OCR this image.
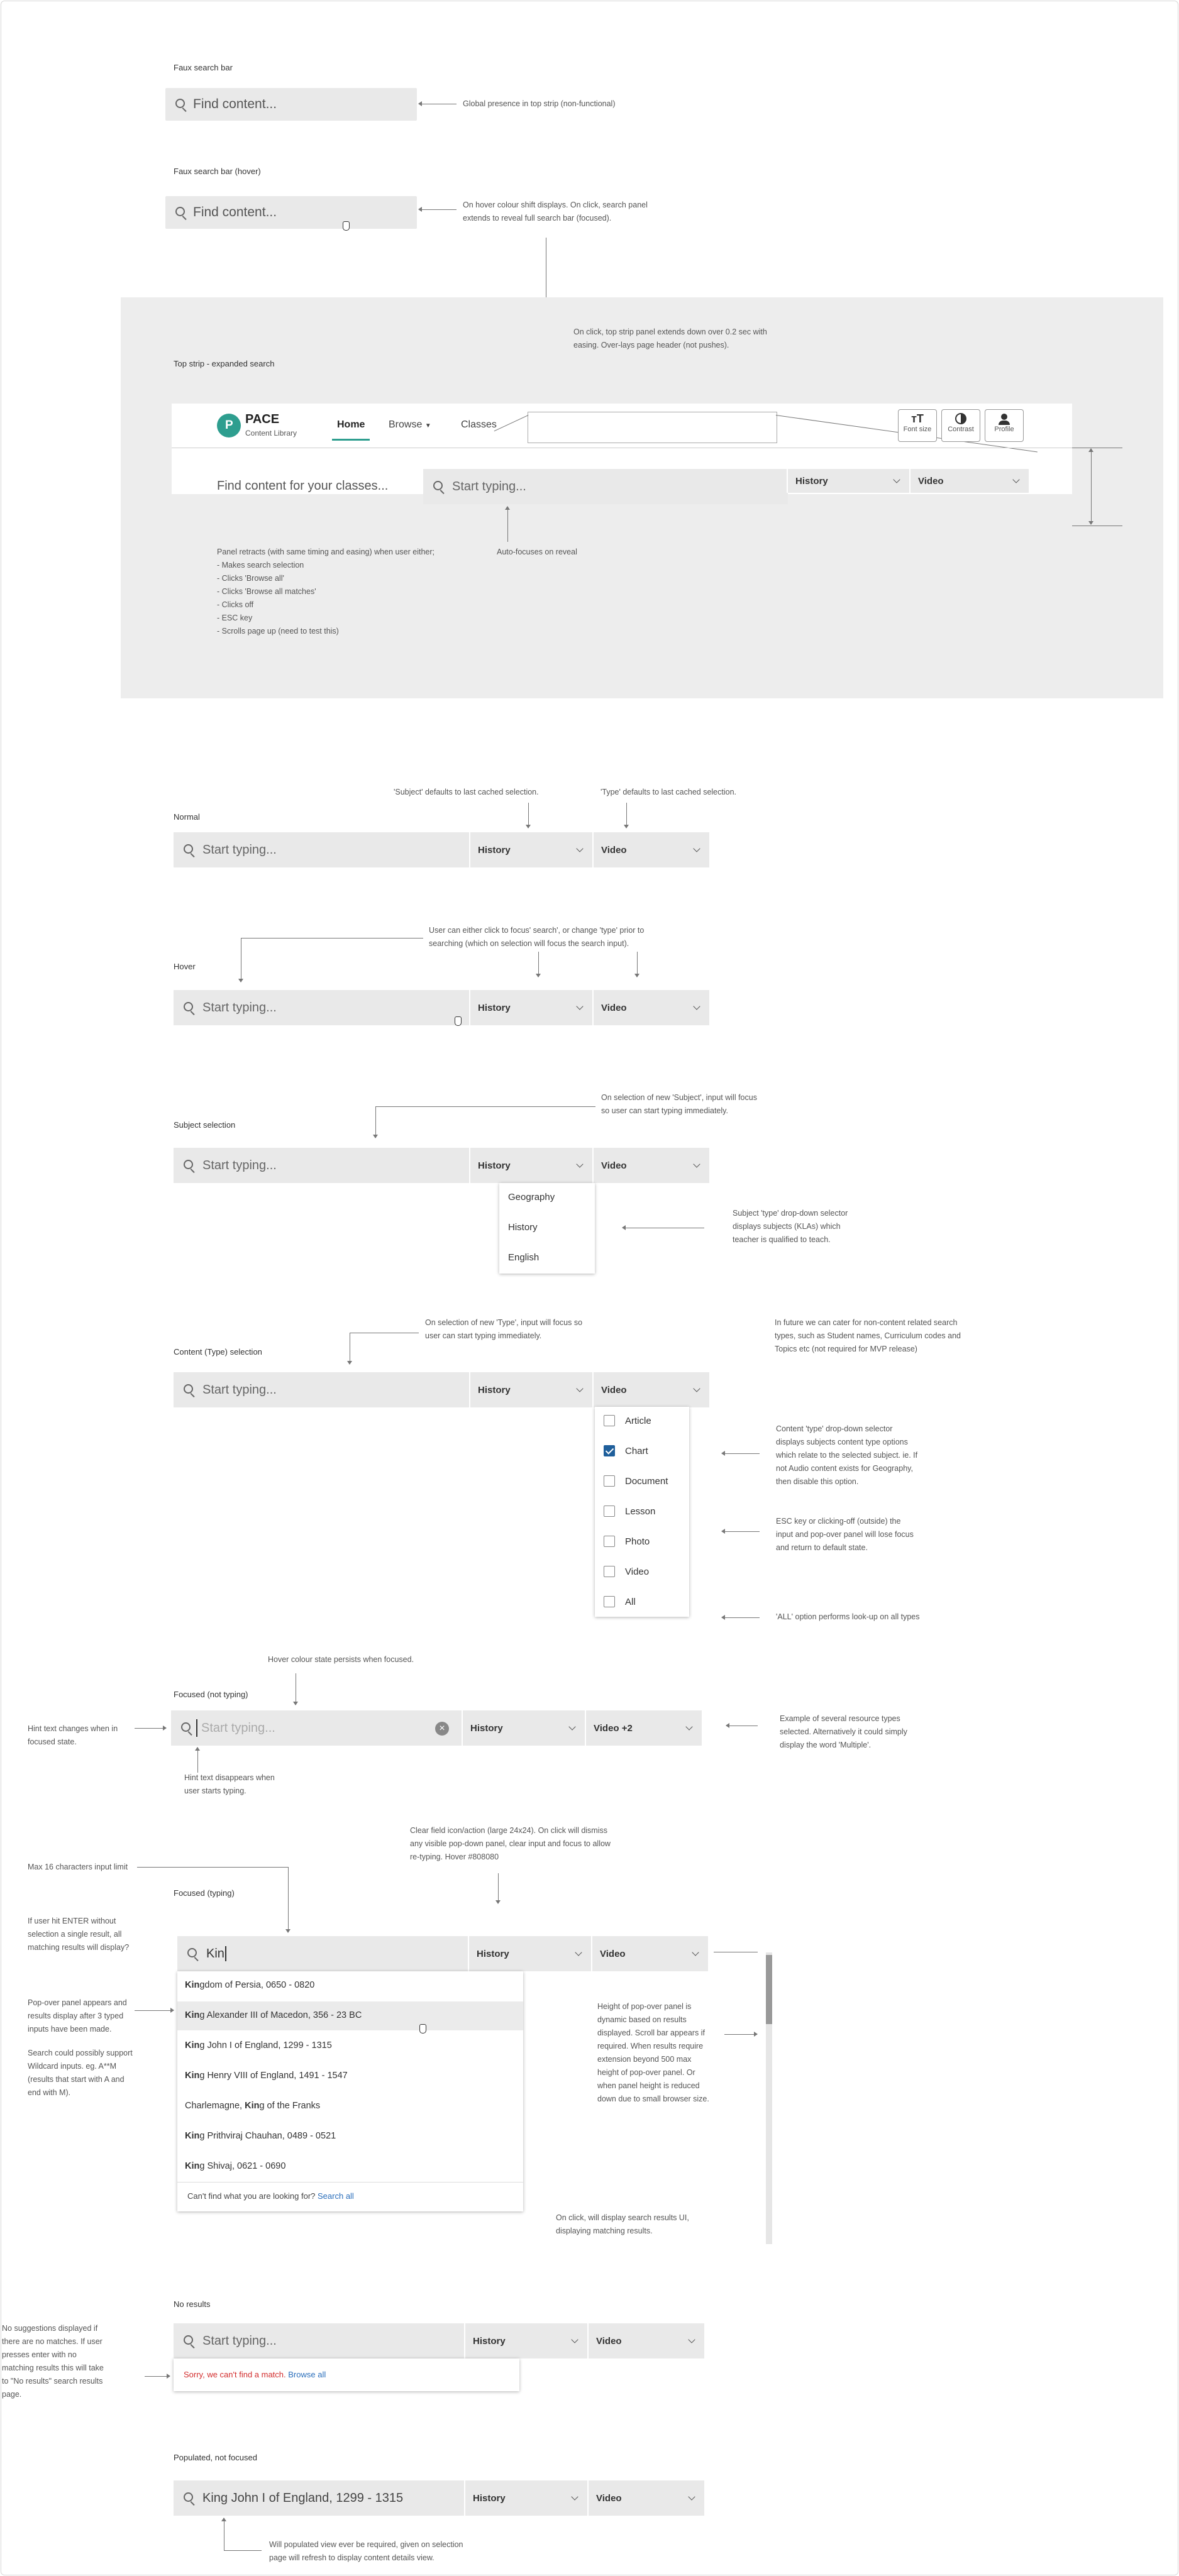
Faux search bar
Find content...	Global presence in top strip (non-functional)
Faux search bar (hover)
Find content...	On hover colour shift displays. On click, search panel
extends to reveal full search bar (focused).
On click, top strip panel extends down over 0.2 sec with
easing. Over-lays page header (not pushes).
Top strip - expanded search
P PACE
Content Library
Home Browse ▼	Classes	тT
Font size	Contrast	Profile
Find content for your classes...	Start typing...	History	Video
Auto-focuses on reveal
Panel retracts (with same timing and easing) when user either;
- Makes search selection
- Clicks 'Browse all'
- Clicks 'Browse all matches'
- Clicks off
- ESC key
- Scrolls page up (need to test this)
'Subject' defaults to last cached selection.	'Type' defaults to last cached selection.
Normal
Start typing...	History	Video
User can either click to focus' search', or change 'type' prior to
searching (which on selection will focus the search input).
Hover
Start typing...	History	Video
On selection of new 'Subject', input will focus
so user can start typing immediately.
Subject selection
Start typing...	History	Video
Geography
History
English
Subject 'type' drop-down selector
displays subjects (KLAs) which
teacher is qualified to teach.
On selection of new 'Type', input will focus so
user can start typing immediately.
In future we can cater for non-content related search
types, such as Student names, Curriculum codes and
Topics etc (not required for MVP release)
Content (Type) selection
Start typing...	History	Video
Article
Chart
Document
Lesson
Photo
Video
All
Content 'type' drop-down selector
displays subjects content type options
which relate to the selected subject. ie. If
not Audio content exists for Geography,
then disable this option.
ESC key or clicking-off (outside) the
input and pop-over panel will lose focus
and return to default state.
'ALL' option performs look-up on all types
Hover colour state persists when focused.
Focused (not typing)
Hint text changes when in
focused state.
Start typing...	×	History	Video +2
Hint text disappears when
user starts typing.
Example of several resource types
selected. Alternatively it could simply
display the word 'Multiple'.
Clear field icon/action (large 24x24). On click will dismiss
any visible pop-down panel, clear input and focus to allow
re-typing. Hover #808080
Max 16 characters input limit
Focused (typing)
If user hit ENTER without
selection a single result, all
matching results will display?	Kin	History	Video
Pop-over panel appears and
results display after 3 typed
inputs have been made.
Search could possibly support
Wildcard inputs. eg. A**M
(results that start with A and
end with M).
Kingdom of Persia, 0650 - 0820
King Alexander III of Macedon, 356 - 23 BC
King John I of England, 1299 - 1315
King Henry VIII of England, 1491 - 1547
Charlemagne, King of the Franks
King Prithviraj Chauhan, 0489 - 0521
King Shivaj, 0621 - 0690
Can't find what you are looking for? Search all
Height of pop-over panel is
dynamic based on results
displayed. Scroll bar appears if
required. When results require
extension beyond 500 max
height of pop-over panel. Or
when panel height is reduced
down due to small browser size.
On click, will display search results UI,
displaying matching results.
No results
No suggestions displayed if
there are no matches. If user
presses enter with no
matching results this will take
to "No results" search results
page.
Start typing...	History	Video
Sorry, we can't find a match. Browse all
Populated, not focused
King John I of England, 1299 - 1315	History	Video
Will populated view ever be required, given on selection
page will refresh to display content details view.
